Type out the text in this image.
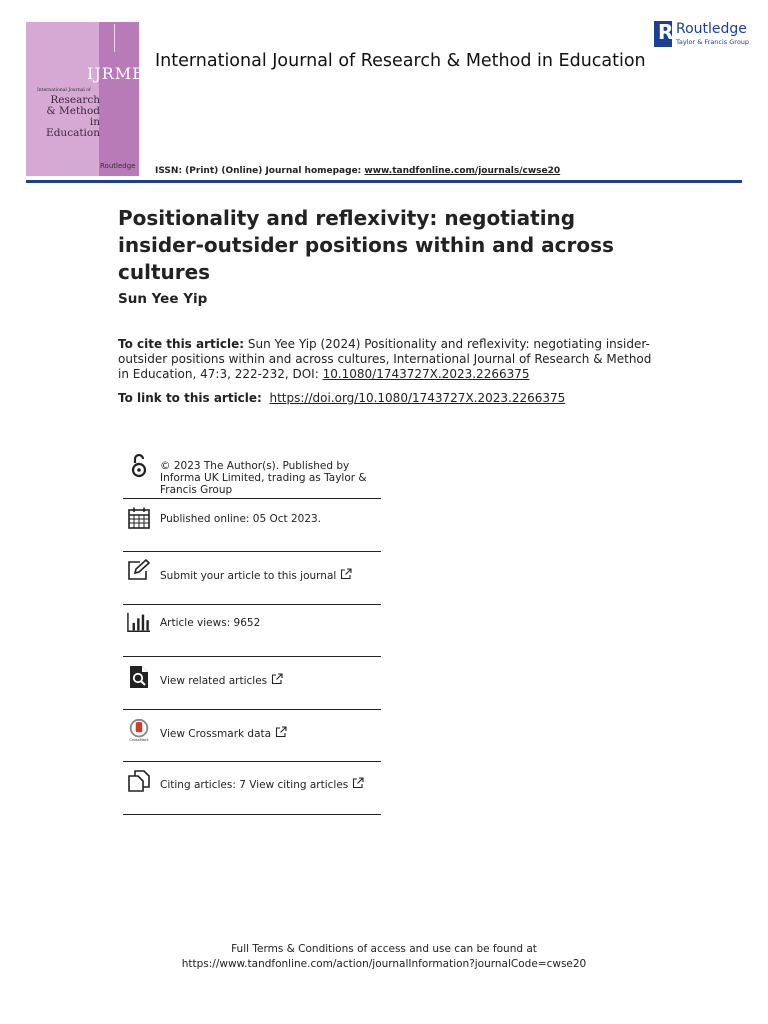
IJRME
International Journal of
Research
& Method
in Education
Routledge
International Journal of Research & Method in Education
R Routledge
Taylor & Francis Group
ISSN: (Print) (Online) Journal homepage: www.tandfonline.com/journals/cwse20
Positionality and reflexivity: negotiating insider-outsider positions within and across cultures
Sun Yee Yip
To cite this article: Sun Yee Yip (2024) Positionality and reflexivity: negotiating insider-outsider positions within and across cultures, International Journal of Research & Method in Education, 47:3, 222-232, DOI: 10.1080/1743727X.2023.2266375
To link to this article: https://doi.org/10.1080/1743727X.2023.2266375
© 2023 The Author(s). Published by Informa UK Limited, trading as Taylor & Francis Group
Published online: 05 Oct 2023.
Submit your article to this journal
Article views: 9652
View related articles
CrossMark
View Crossmark data
Citing articles: 7 View citing articles
Full Terms & Conditions of access and use can be found at
https://www.tandfonline.com/action/journalInformation?journalCode=cwse20
